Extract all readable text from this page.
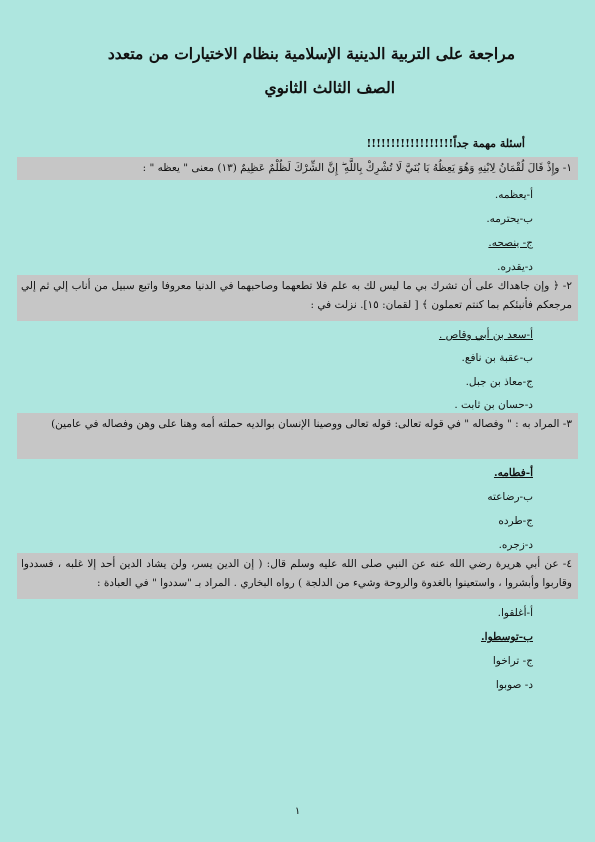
مراجعة على التربية الدينية الإسلامية بنظام الاختيارات من متعدد
الصف الثالث الثانوي
أسئلة مهمة جداً!!!!!!!!!!!!!!!!!!
١- وإِذْ قَالَ لُقْمَانُ لِابْنِهِ وَهُوَ يَعِظُهُ يَا بُنَيَّ لَا تُشْرِكْ بِاللَّهِ ۖ إِنَّ الشِّرْكَ لَظُلْمٌ عَظِيمٌ (١٣) معنى " يعظه " :
أ-يعظمه.
ب-يحترمه.
ج- ينصحه.
د-يقدره.
٢- ﴿ وإن جاهداك على أن تشرك بي ما ليس لك به علم فلا تطعهما وصاحبهما في الدنيا معروفا واتبع سبيل من أناب إلي ثم إلي مرجعكم فأنبئكم بما كنتم تعملون ﴾ [ لقمان: ١٥]. نزلت في :
أ-سعد بن أبي وقاص .
ب-عقبة بن نافع.
ج-معاذ بن جبل.
د-حسان بن ثابت .
٣- المراد به : " وفصاله " في قوله تعالى: قوله تعالى ووصينا الإنسان بوالديه حملته أمه وهنا على وهن وفصاله في عامين)
أ-فطامه.
ب-رضاعته
ج-طرده
د-زجره.
٤- عن أبي هريرة رضي الله عنه عن النبي صلى الله عليه وسلم قال: ( إن الدين يسر، ولن يشاد الدين أحد إلا غلبه ، فسددوا وقاربوا وأبشروا ، واستعينوا بالغدوة والروحة وشيء من الدلجة ) رواه البخاري . المراد بـ "سددوا " في العبادة :
أ-أغلقوا.
ب-توسطوا.
ج- تراخوا
د- صوبوا
١
